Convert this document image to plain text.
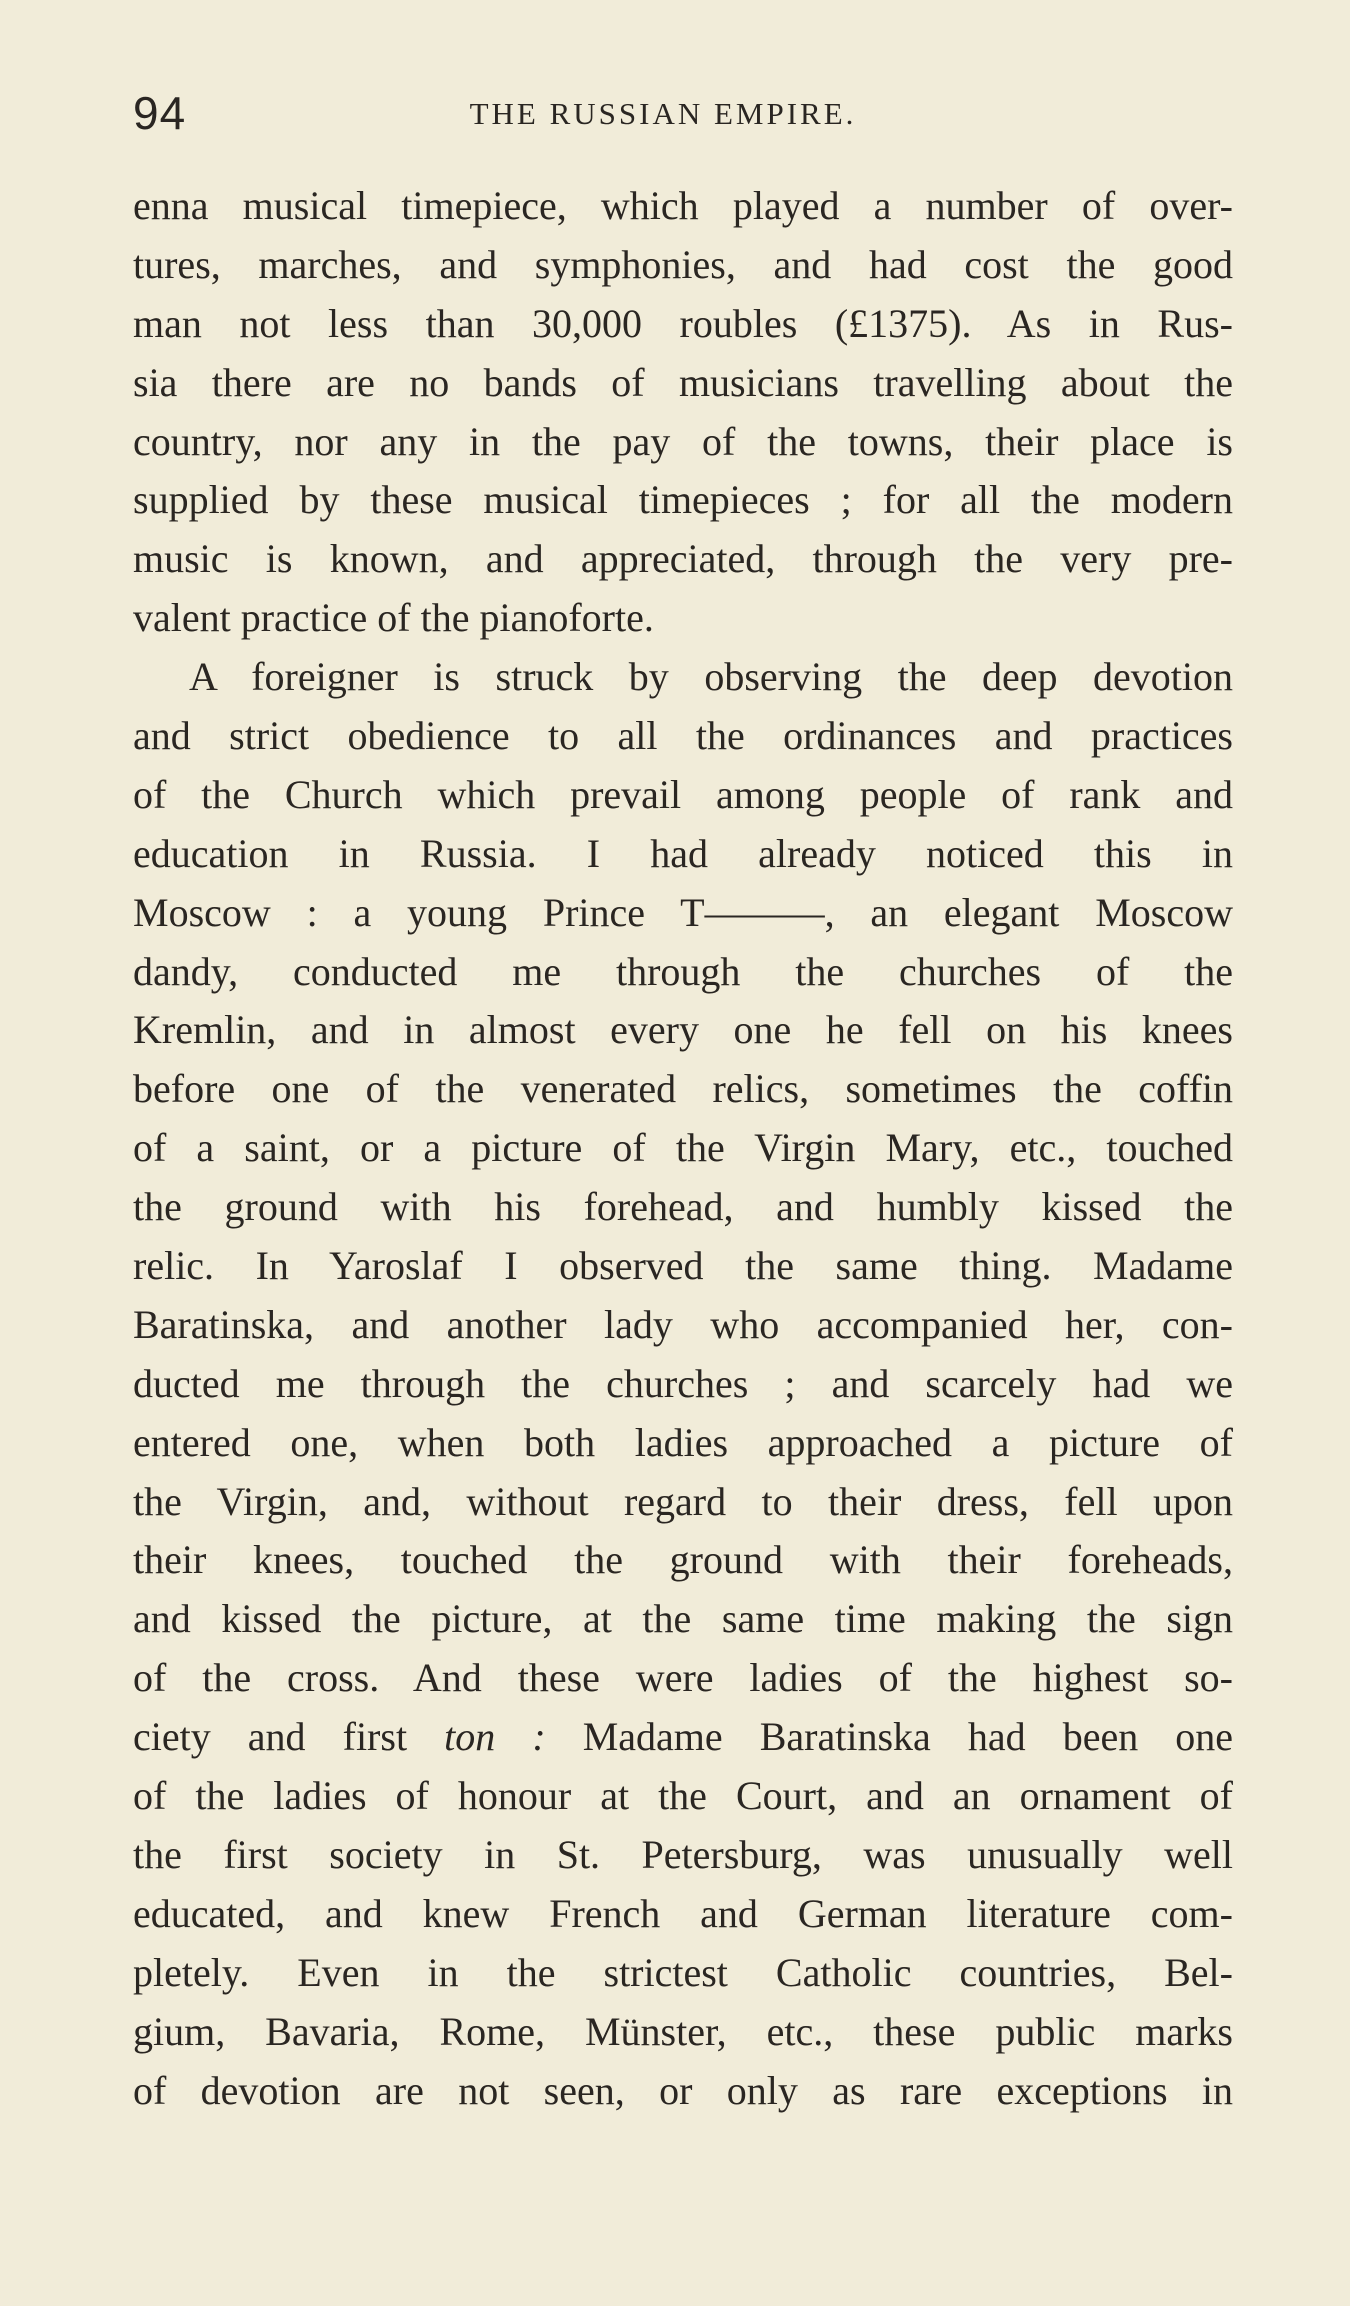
94	THE RUSSIAN EMPIRE.
enna musical timepiece, which played a number of over-
tures, marches, and symphonies, and had cost the good
man not less than 30,000 roubles (£1375). As in Rus-
sia there are no bands of musicians travelling about the
country, nor any in the pay of the towns, their place is
supplied by these musical timepieces ; for all the modern
music is known, and appreciated, through the very pre-
valent practice of the pianoforte.
A foreigner is struck by observing the deep devotion
and strict obedience to all the ordinances and practices
of the Church which prevail among people of rank and
education in Russia. I had already noticed this in
Moscow : a young Prince T———, an elegant Moscow
dandy, conducted me through the churches of the
Kremlin, and in almost every one he fell on his knees
before one of the venerated relics, sometimes the coffin
of a saint, or a picture of the Virgin Mary, etc., touched
the ground with his forehead, and humbly kissed the
relic. In Yaroslaf I observed the same thing. Madame
Baratinska, and another lady who accompanied her, con-
ducted me through the churches ; and scarcely had we
entered one, when both ladies approached a picture of
the Virgin, and, without regard to their dress, fell upon
their knees, touched the ground with their foreheads,
and kissed the picture, at the same time making the sign
of the cross. And these were ladies of the highest so-
ciety and first ton : Madame Baratinska had been one
of the ladies of honour at the Court, and an ornament of
the first society in St. Petersburg, was unusually well
educated, and knew French and German literature com-
pletely. Even in the strictest Catholic countries, Bel-
gium, Bavaria, Rome, Münster, etc., these public marks
of devotion are not seen, or only as rare exceptions in
